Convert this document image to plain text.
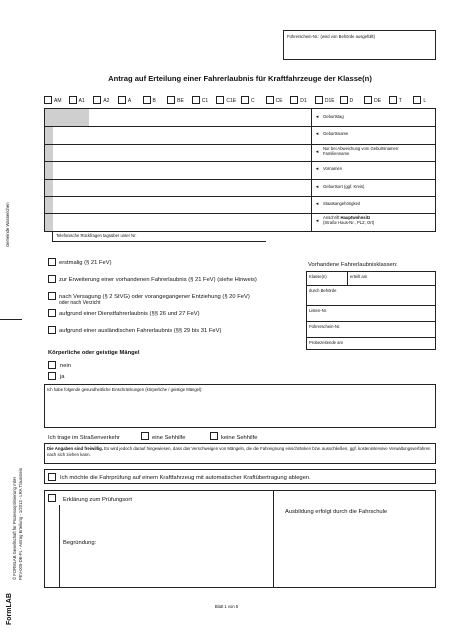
Führerschein-Nr.: (wird von Behörde ausgefüllt)
Antrag auf Erteilung einer Fahrerlaubnis für Kraftfahrzeuge der Klasse(n)
AM	A1	A2	A	B	BE	C1	C1E	C	CE	D1	D1E	D	DE	T	L
◄ Geburtstag
◄ Geburtsname
◄
Nur bei Abweichung vom Geburtsnamen:
Familienname
◄ Vornamen
◄ Geburtsort (ggf. Kreis)
◄ Staatsangehörigkeit
◄
Anschrift Hauptwohnsitz
(Straße Haus-Nr., PLZ, Ort)
Telefonische Rückfragen tagsüber unter Nr.
Gemeinde Wasserichen
FormLAB
© FORMLAB Gesellschaft für Prozessoptimierung mbH FEV-005-DE-FL - Antrag Erteilung - 1/2013 - LRA Traunstein
erstmalig (§ 21 FeV)
zur Erweiterung einer vorhandenen Fahrerlaubnis (§ 21 FeV) (siehe Hinweis)
nach Versagung (§ 2 StVG) oder vorangegangener Entziehung (§ 20 FeV)
aufgrund einer Dienstfahrerlaubnis (§§ 26 und 27 FeV)
aufgrund einer ausländischen Fahrerlaubnis (§§ 29 bis 31 FeV)
oder nach Verzicht
Vorhandene Fahrerlaubnisklassen:
Klasse(n)	erteilt am
durch Behörde
Listen-Nr.
Führerschein-Nr.
Probezeitende am
Körperliche oder geistige Mängel
nein
ja
Ich habe folgende gesundheitliche Einschränkungen (körperliche / geistige Mängel):
Ich trage im Straßenverkehr	eine Sehhilfe	keine Sehhilfe

Die Angaben sind freiwillig. Es wird jedoch darauf hingewiesen, dass das Verschweigen von Mängeln, die die Fahreignung einschränken bzw. ausschließen, ggf. kostenintensive Verwaltungsverfahren nach sich ziehen kann.

Ich möchte die Fahrprüfung auf einem Kraftfahrzeug mit automatischer Kraftübertragung ablegen.
Erklärung zum Prüfungsort
Begründung:
Ausbildung erfolgt durch die Fahrschule
Blatt 1 von 5
